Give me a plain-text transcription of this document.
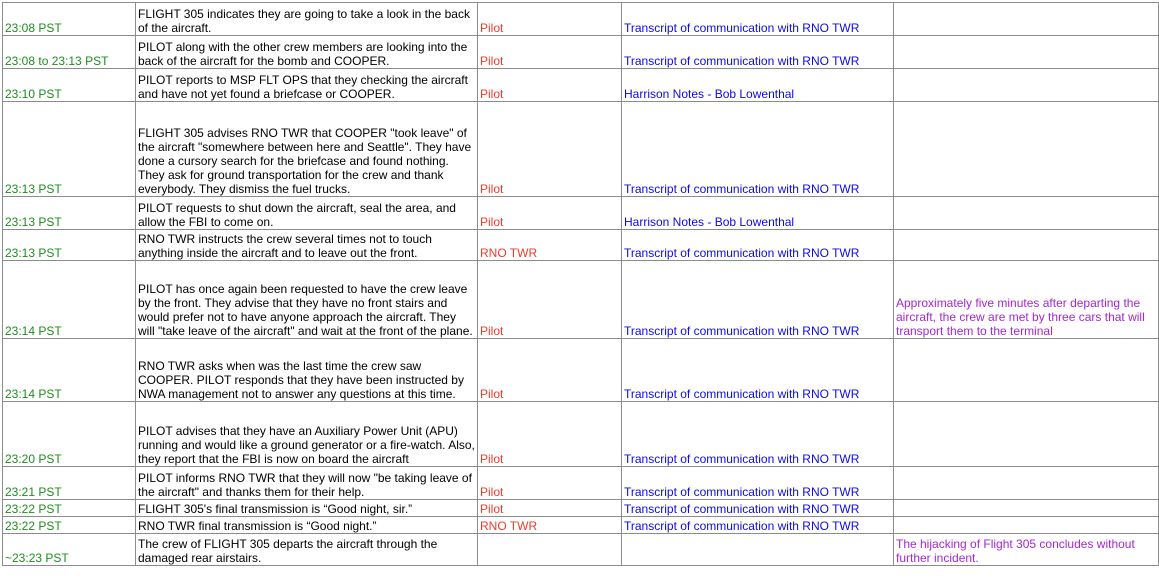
23:08 PST	FLIGHT 305 indicates they are going to take a look in the back of the aircraft.	Pilot	Transcript of communication with RNO TWR	
23:08 to 23:13 PST	PILOT along with the other crew members are looking into the back of the aircraft for the bomb and COOPER.	Pilot	Transcript of communication with RNO TWR	
23:10 PST	PILOT reports to MSP FLT OPS that they checking the aircraft and have not yet found a briefcase or COOPER.	Pilot	Harrison Notes - Bob Lowenthal	
23:13 PST	FLIGHT 305 advises RNO TWR that COOPER "took leave" of the aircraft "somewhere between here and Seattle". They have done a cursory search for the briefcase and found nothing. They ask for ground transportation for the crew and thank everybody. They dismiss the fuel trucks.	Pilot	Transcript of communication with RNO TWR	
23:13 PST	PILOT requests to shut down the aircraft, seal the area, and allow the FBI to come on.	Pilot	Harrison Notes - Bob Lowenthal	
23:13 PST	RNO TWR instructs the crew several times not to touch anything inside the aircraft and to leave out the front.	RNO TWR	Transcript of communication with RNO TWR	
23:14 PST	PILOT has once again been requested to have the crew leave by the front. They advise that they have no front stairs and would prefer not to have anyone approach the aircraft. They will "take leave of the aircraft" and wait at the front of the plane.	Pilot	Transcript of communication with RNO TWR	Approximately five minutes after departing the aircraft, the crew are met by three cars that will transport them to the terminal
23:14 PST	RNO TWR asks when was the last time the crew saw COOPER. PILOT responds that they have been instructed by NWA management not to answer any questions at this time.	Pilot	Transcript of communication with RNO TWR	
23:20 PST	PILOT advises that they have an Auxiliary Power Unit (APU) running and would like a ground generator or a fire-watch. Also, they report that the FBI is now on board the aircraft	Pilot	Transcript of communication with RNO TWR	
23:21 PST	PILOT informs RNO TWR that they will now "be taking leave of the aircraft" and thanks them for their help.	Pilot	Transcript of communication with RNO TWR	
23:22 PST	FLIGHT 305's final transmission is “Good night, sir.”	Pilot	Transcript of communication with RNO TWR	
23:22 PST	RNO TWR final transmission is “Good night.”	RNO TWR	Transcript of communication with RNO TWR	
~23:23 PST	The crew of FLIGHT 305 departs the aircraft through the damaged rear airstairs.			The hijacking of Flight 305 concludes without further incident.
